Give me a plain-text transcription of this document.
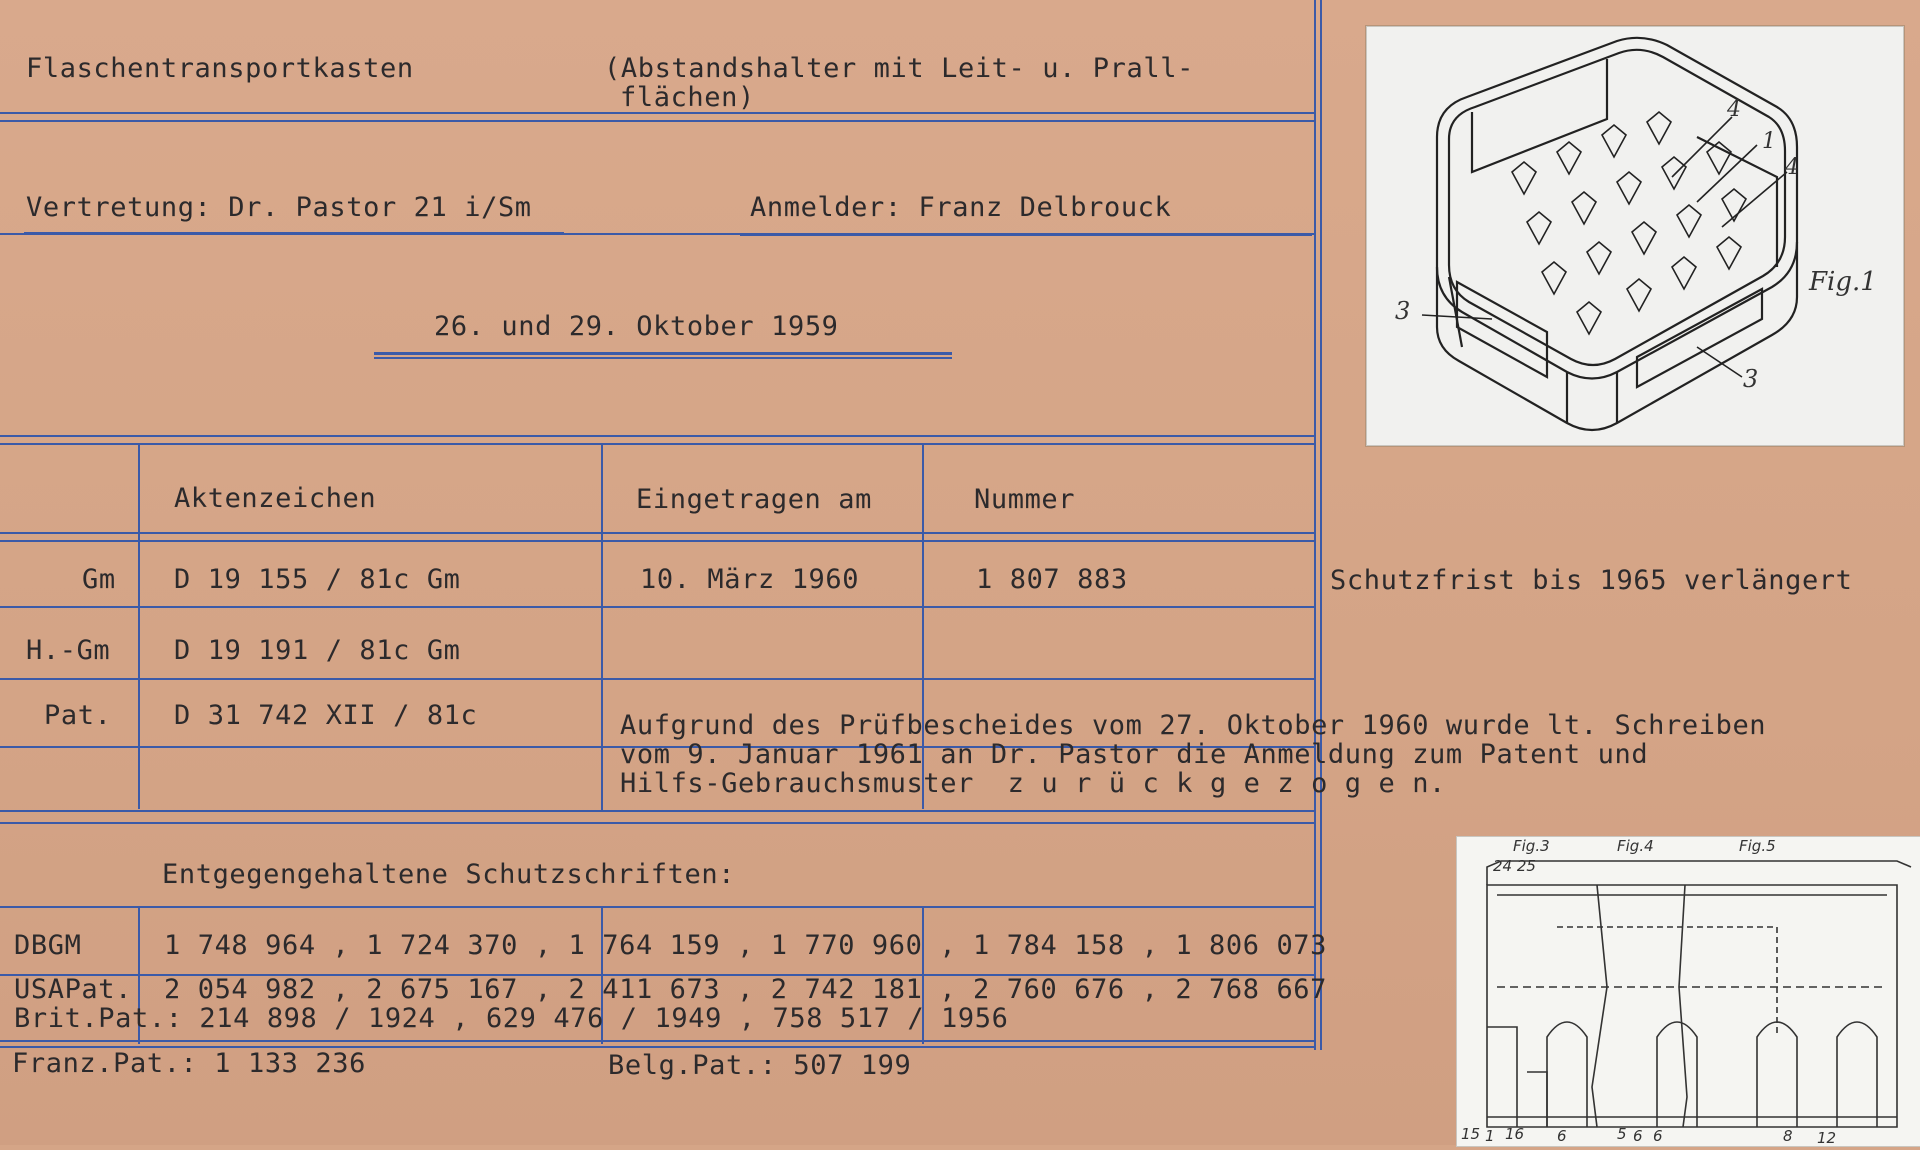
Flaschentransportkasten	(Abstandshalter mit Leit- u. Prall-
flächen)
Vertretung: Dr. Pastor 21 i/Sm	Anmelder: Franz Delbrouck
26. und 29. Oktober 1959
Aktenzeichen	Eingetragen am	Nummer
Gm D 19 155 / 81c Gm	10. März 1960	1 807 883	Schutzfrist bis 1965 verlängert
H.-Gm D 19 191 / 81c Gm
Pat. D 31 742 XII / 81c	Aufgrund des Prüfbescheides vom 27. Oktober 1960 wurde lt. Schreiben
vom 9. Januar 1961 an Dr. Pastor die Anmeldung zum Patent und
Hilfs-Gebrauchsmuster  z u r ü c k g e z o g e n.
Entgegengehaltene Schutzschriften:
DBGM	1 748 964 , 1 724 370 , 1 764 159 , 1 770 960 , 1 784 158 , 1 806 073
USAPat. 2 054 982 , 2 675 167 , 2 411 673 , 2 742 181 , 2 760 676 , 2 768 667
Brit.Pat.: 214 898 / 1924 , 629 476 / 1949 , 758 517 / 1956
Franz.Pat.: 1 133 236	Belg.Pat.: 507 199
Fig.1
4
1
4
3
3
Fig.3	Fig.4	Fig.5
24 25
15 1 16 6	5 6 6	8 12
